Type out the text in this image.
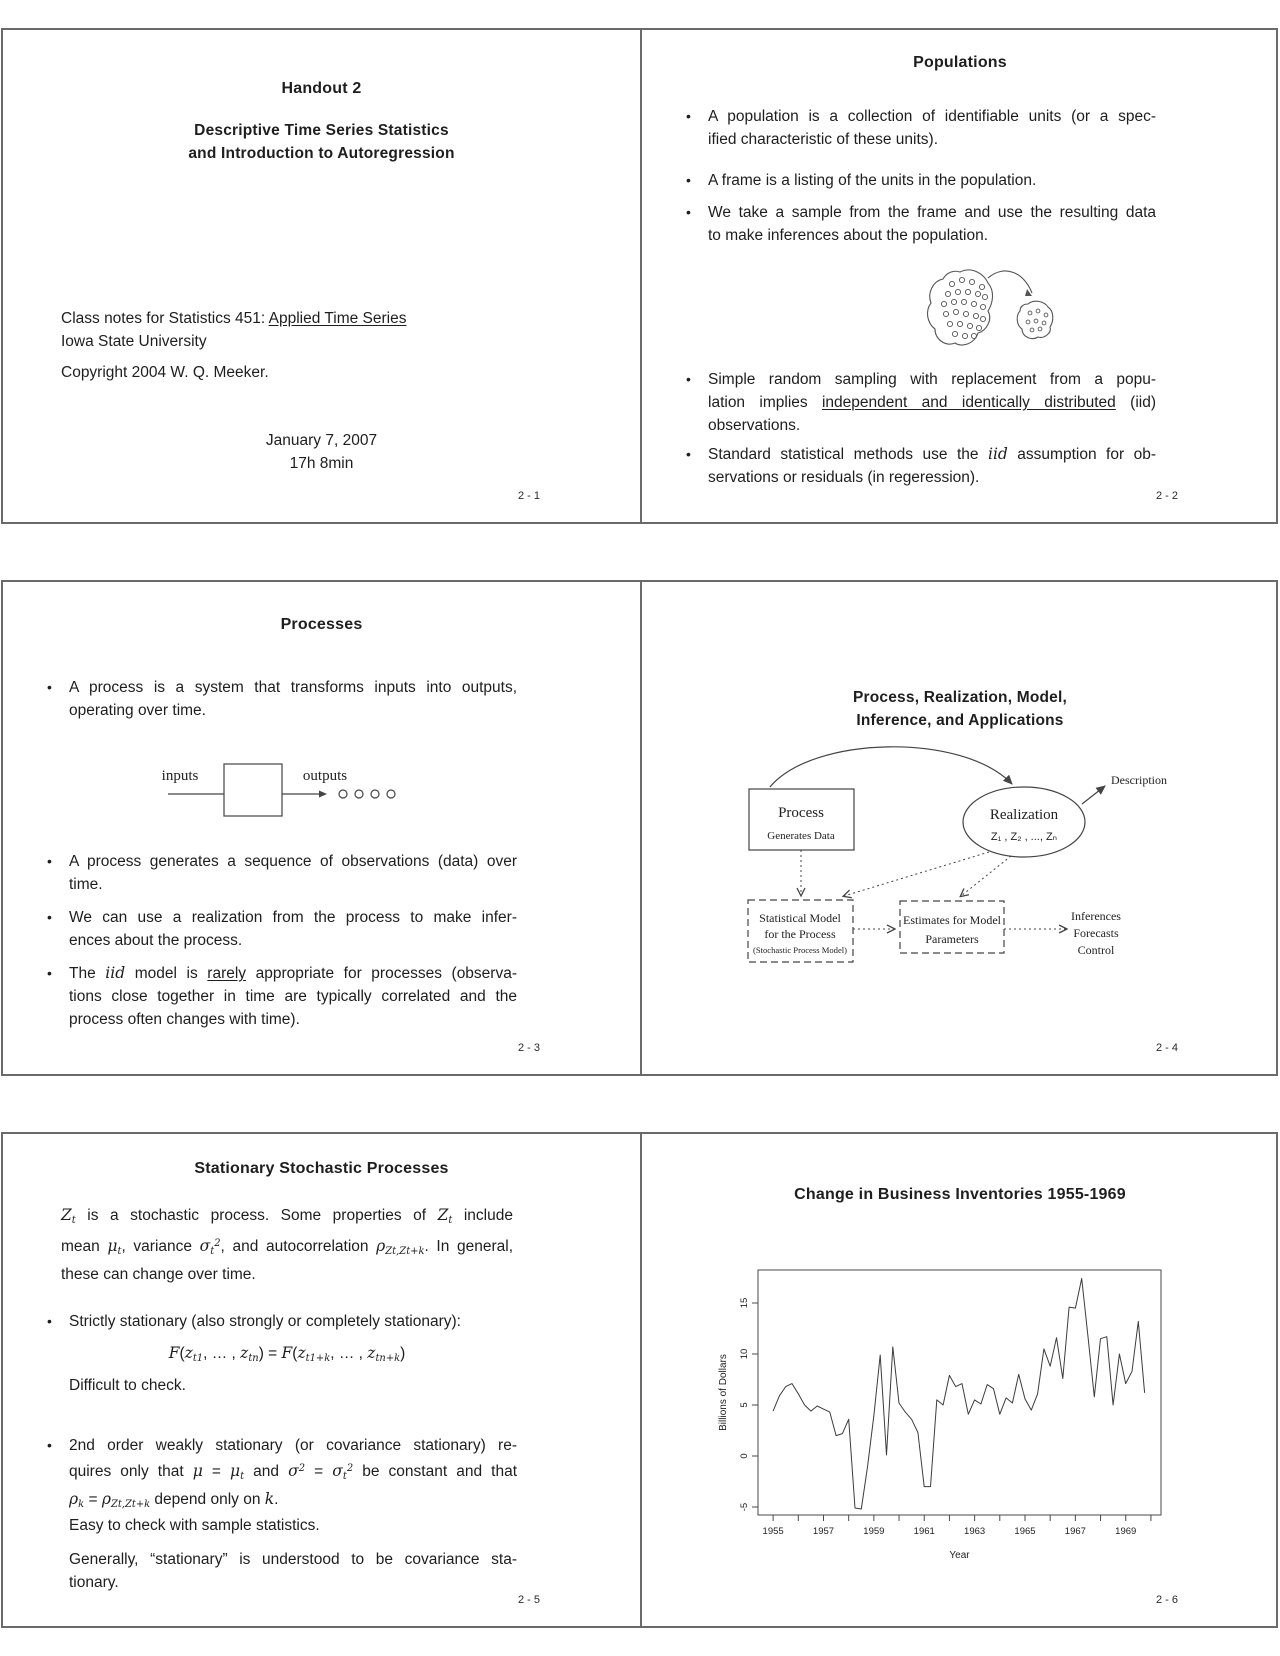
Handout 2
Descriptive Time Series Statistics
and Introduction to Autoregression
Class notes for Statistics 451: Applied Time Series
Iowa State University
Copyright 2004 W. Q. Meeker.
January 7, 2007
17h 8min
2 - 1
Populations
•	A population is a collection of identifiable units (or a spec-
ified characteristic of these units).
•	A frame is a listing of the units in the population.
•	We take a sample from the frame and use the resulting data
to make inferences about the population.
•	Simple random sampling with replacement from a popu-
lation implies independent and identically distributed (iid)
observations.
•	Standard statistical methods use the iid assumption for ob-
servations or residuals (in regeression).
2 - 2
Processes
•	A process is a system that transforms inputs into outputs,
operating over time.
inputs	outputs
•	A process generates a sequence of observations (data) over
time.
•	We can use a realization from the process to make infer-
ences about the process.
•	The iid model is rarely appropriate for processes (observa-
tions close together in time are typically correlated and the
process often changes with time).
2 - 3
Process, Realization, Model,
Inference, and Applications
Process
Generates Data
Realization
Z₁ , Z₂ , ..., Zₙ
Description
Statistical Model
for the Process
(Stochastic Process Model)
Estimates for Model
Parameters
Inferences
Forecasts
Control
2 - 4
Stationary Stochastic Processes
Zt is a stochastic process. Some properties of Zt include
mean μt, variance $\sigma t^2$, and autocorrelation ρZt,Zt+k. In general,
these can change over time.
•	Strictly stationary (also strongly or completely stationary):
F(zt1, … , ztn) = F(zt1+k, … , ztn+k)
Difficult to check.
•	2nd order weakly stationary (or covariance stationary) re-
quires only that μ = μt and $\sigma^2 = \sigma t^2$ be constant and that
ρk = ρZt,Zt+k depend only on k.
Easy to check with sample statistics.
Generally, “stationary” is understood to be covariance sta-
tionary.
2 - 5
Change in Business Inventories 1955-1969
-5
0
5
10
15
1955	1957	1959	1961	1963	1965	1967	1969
Billions of Dollars
Year
2 - 6
